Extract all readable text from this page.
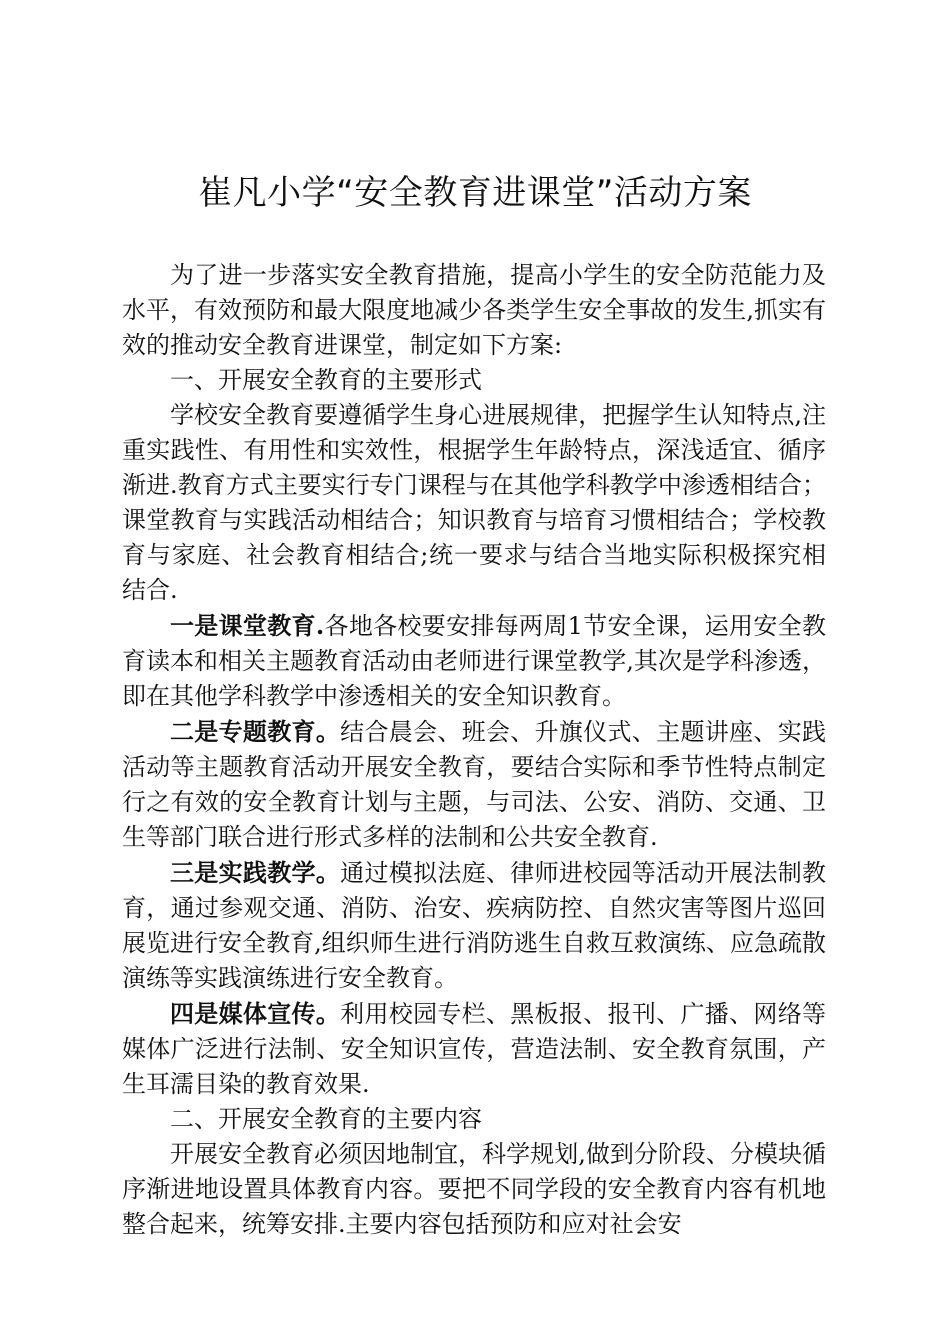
崔凡小学“安全教育进课堂”活动方案

为了进一步落实安全教育措施，提高小学生的安全防范能力及水平，有效预防和最大限度地减少各类学生安全事故的发生,抓实有效的推动安全教育进课堂，制定如下方案:

一、开展安全教育的主要形式

学校安全教育要遵循学生身心进展规律，把握学生认知特点,注重实践性、有用性和实效性，根据学生年龄特点，深浅适宜、循序渐进.教育方式主要实行专门课程与在其他学科教学中渗透相结合；课堂教育与实践活动相结合；知识教育与培育习惯相结合；学校教育与家庭、社会教育相结合;统一要求与结合当地实际积极探究相结合.

一是课堂教育.各地各校要安排每两周1节安全课，运用安全教育读本和相关主题教育活动由老师进行课堂教学,其次是学科渗透，即在其他学科教学中渗透相关的安全知识教育。

二是专题教育。结合晨会、班会、升旗仪式、主题讲座、实践活动等主题教育活动开展安全教育，要结合实际和季节性特点制定行之有效的安全教育计划与主题，与司法、公安、消防、交通、卫生等部门联合进行形式多样的法制和公共安全教育.

三是实践教学。通过模拟法庭、律师进校园等活动开展法制教育，通过参观交通、消防、治安、疾病防控、自然灾害等图片巡回展览进行安全教育,组织师生进行消防逃生自救互救演练、应急疏散演练等实践演练进行安全教育。

四是媒体宣传。利用校园专栏、黑板报、报刊、广播、网络等媒体广泛进行法制、安全知识宣传，营造法制、安全教育氛围，产生耳濡目染的教育效果.

二、开展安全教育的主要内容

开展安全教育必须因地制宜，科学规划,做到分阶段、分模块循序渐进地设置具体教育内容。要把不同学段的安全教育内容有机地整合起来，统筹安排.主要内容包括预防和应对社会安
